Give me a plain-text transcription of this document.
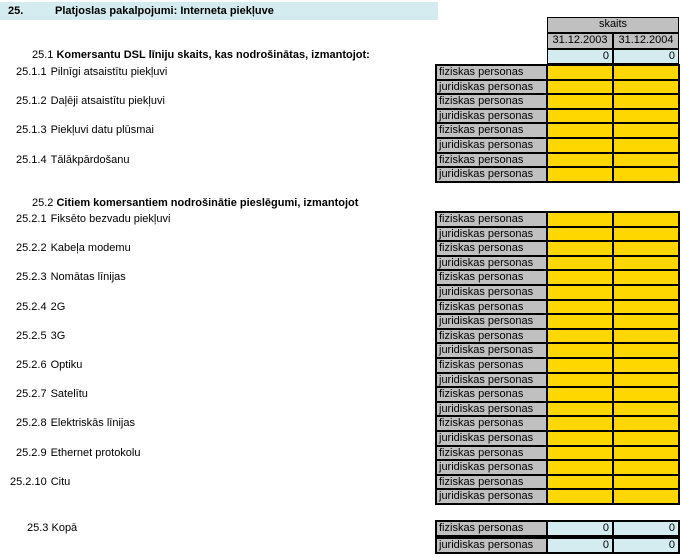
25.	Platjoslas pakalpojumi: Interneta piekļuve
skaits
31.12.2003 31.12.2004
25.1 Komersantu DSL līniju skaits, kas nodrošinātas, izmantojot:	0	0
25.1.1 Pilnīgi atsaistītu piekļuvi	fiziskas personas
juridiskas personas
25.1.2 Daļēji atsaistītu piekļuvi	fiziskas personas
juridiskas personas
25.1.3 Piekļuvi datu plūsmai	fiziskas personas
juridiskas personas
25.1.4 Tālākpārdošanu	fiziskas personas
juridiskas personas
25.2 Citiem komersantiem nodrošinātie pieslēgumi, izmantojot
25.2.1 Fiksēto bezvadu piekļuvi	fiziskas personas
juridiskas personas
25.2.2 Kabeļa modemu	fiziskas personas
juridiskas personas
25.2.3 Nomātas līnijas	fiziskas personas
juridiskas personas
25.2.4 2G	fiziskas personas
juridiskas personas
25.2.5 3G	fiziskas personas
juridiskas personas
25.2.6 Optiku	fiziskas personas
juridiskas personas
25.2.7 Satelītu	fiziskas personas
juridiskas personas
25.2.8 Elektriskās līnijas	fiziskas personas
juridiskas personas
25.2.9 Ethernet protokolu	fiziskas personas
juridiskas personas
25.2.10 Citu	fiziskas personas
juridiskas personas
25.3 Kopā	fiziskas personas	0	0
juridiskas personas	0	0
